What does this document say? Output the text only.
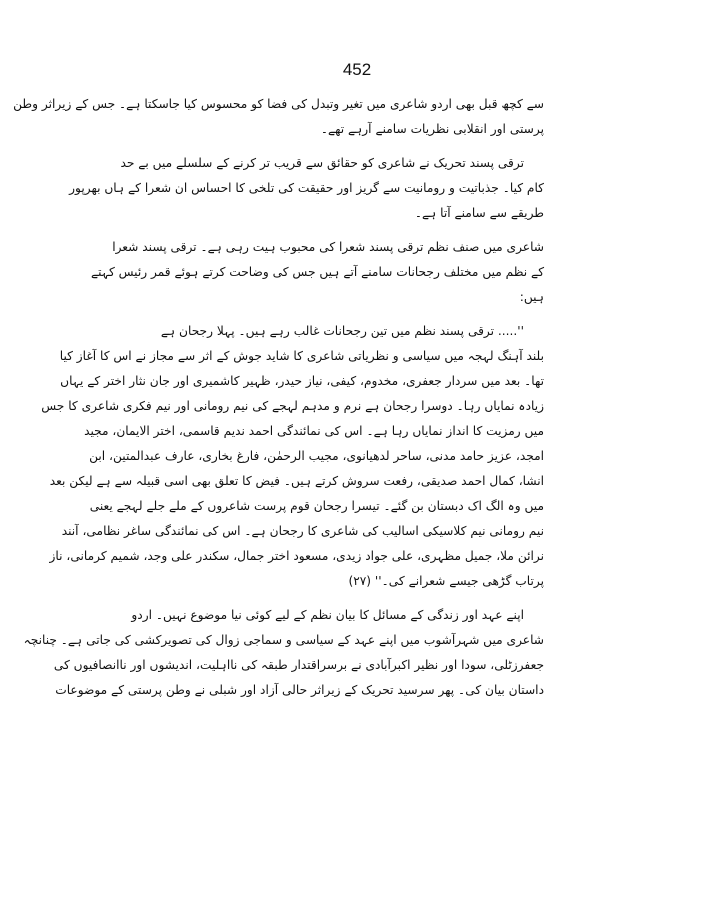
452
سے کچھ قبل بھی اردو شاعری میں تغیر وتبدل کی فضا کو محسوس کیا جاسکتا ہے۔ جس کے زیراثر وطن
پرستی اور انقلابی نظریات سامنے آرہے تھے۔
ترقی پسند تحریک نے شاعری کو حقائق سے قریب تر کرنے کے سلسلے میں بے حد
کام کیا۔ جذباتیت و رومانیت سے گریز اور حقیقت کی تلخی کا احساس ان شعرا کے ہاں بھرپور
طریقے سے سامنے آتا ہے۔
شاعری میں صنف نظم ترقی پسند شعرا کی محبوب ہیت رہی ہے۔ ترقی پسند شعرا
کے نظم میں مختلف رجحانات سامنے آتے ہیں جس کی وضاحت کرتے ہوئے قمر رئیس کہتے
ہیں:
''..... ترقی پسند نظم میں تین رجحانات غالب رہے ہیں۔ پہلا رجحان ہے
بلند آہنگ لہجہ میں سیاسی و نظریاتی شاعری کا شاید جوش کے اثر سے مجاز نے اس کا آغاز کیا
تھا۔ بعد میں سردار جعفری، مخدوم، کیفی، نیاز حیدر، ظہیر کاشمیری اور جان نثار اختر کے یہاں
زیادہ نمایاں رہا۔ دوسرا رجحان ہے نرم و مدہم لہجے کی نیم رومانی اور نیم فکری شاعری کا جس
میں رمزیت کا انداز نمایاں رہا ہے۔ اس کی نمائندگی احمد ندیم قاسمی، اختر الایمان، مجید
امجد، عزیز حامد مدنی، ساحر لدھیانوی، مجیب الرحمٰن، فارغ بخاری، عارف عبدالمتین، ابن
انشا، کمال احمد صدیقی، رفعت سروش کرتے ہیں۔ فیض کا تعلق بھی اسی قبیلہ سے ہے لیکن بعد
میں وہ الگ اک دبستان بن گئے۔ تیسرا رجحان قوم پرست شاعروں کے ملے جلے لہجے یعنی
نیم رومانی نیم کلاسیکی اسالیب کی شاعری کا رجحان ہے۔ اس کی نمائندگی ساغر نظامی، آنند
نرائن ملا، جمیل مظہری، علی جواد زیدی، مسعود اختر جمال، سکندر علی وجد، شمیم کرمانی، ناز
پرتاب گڑھی جیسے شعرانے کی۔'' (۲۷)
اپنے عہد اور زندگی کے مسائل کا بیان نظم کے لیے کوئی نیا موضوع نہیں۔ اردو
شاعری میں شہرآشوب میں اپنے عہد کے سیاسی و سماجی زوال کی تصویرکشی کی جاتی ہے۔ چنانچہ
جعفرزٹلی، سودا اور نظیر اکبرآبادی نے برسراقتدار طبقہ کی نااہلیت، اندیشوں اور ناانصافیوں کی
داستان بیان کی۔ پھر سرسید تحریک کے زیراثر حالی آزاد اور شبلی نے وطن پرستی کے موضوعات
